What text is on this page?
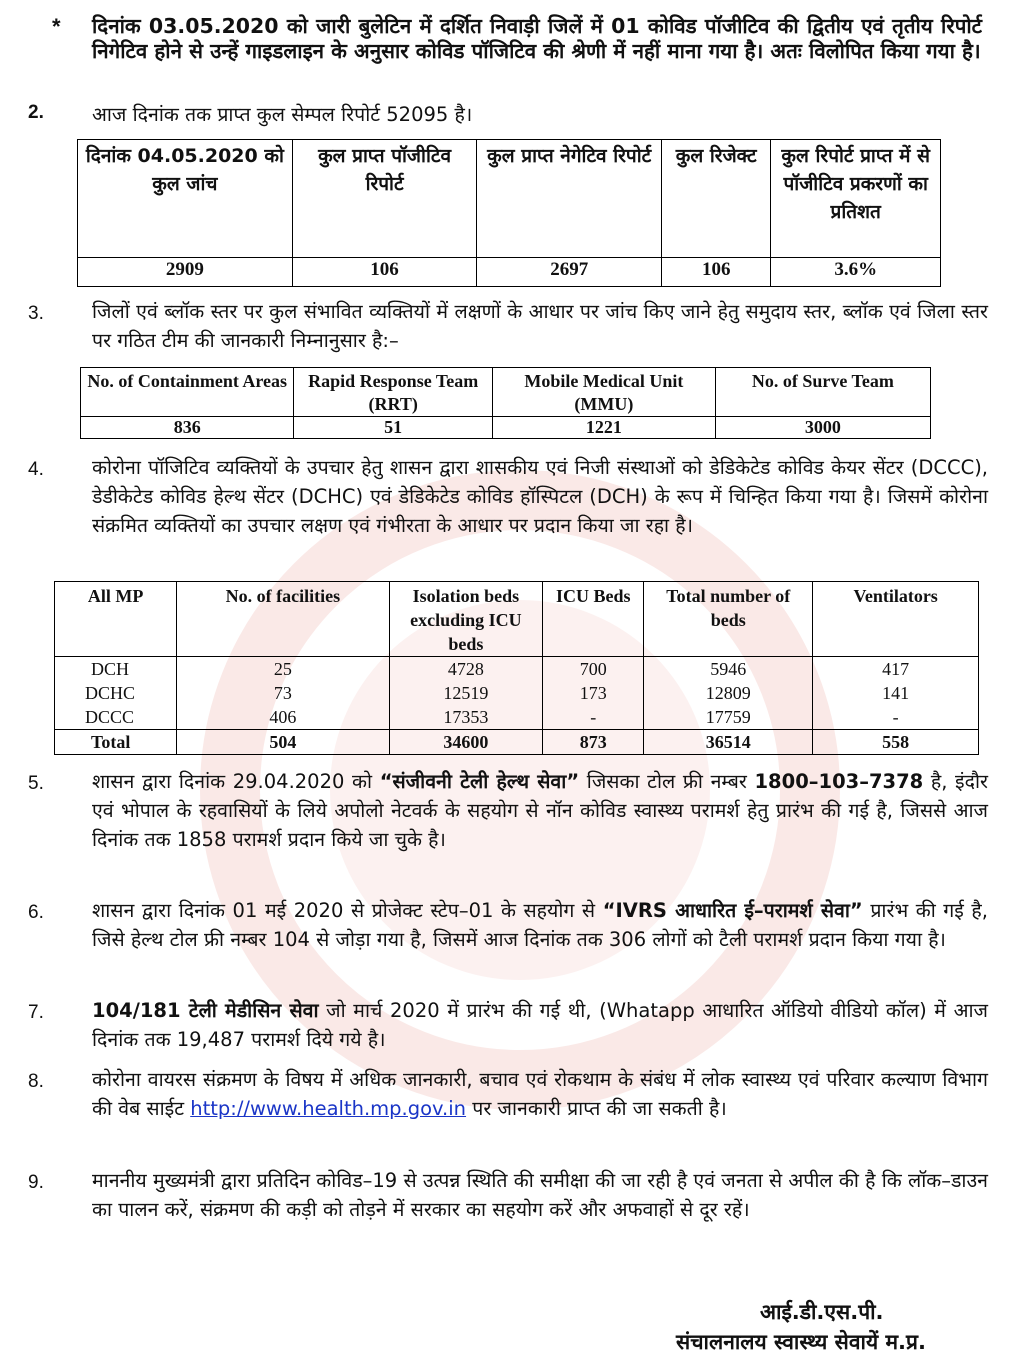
* दिनांक 03.05.2020 को जारी बुलेटिन में दर्शित निवाड़ी जिलें में 01 कोविड पॉजीटिव की द्वितीय एवं तृतीय रिपोर्ट निगेटिव होने से उन्हें गाइडलाइन के अनुसार कोविड पॉजिटिव की श्रेणी में नहीं माना गया है। अतः विलोपित किया गया है।
2. आज दिनांक तक प्राप्त कुल सेम्पल रिपोर्ट 52095 है।
दिनांक 04.05.2020 को कुल जांच	कुल प्राप्त पॉजीटिव रिपोर्ट	कुल प्राप्त नेगेटिव रिपोर्ट	कुल रिजेक्ट	कुल रिपोर्ट प्राप्त में से पॉजीटिव प्रकरणों का प्रतिशत
2909	106	2697	106	3.6%
3. जिलों एवं ब्लॉक स्तर पर कुल संभावित व्यक्तियों में लक्षणों के आधार पर जांच किए जाने हेतु समुदाय स्तर, ब्लॉक एवं जिला स्तर पर गठित टीम की जानकारी निम्नानुसार है:–
No. of Containment Areas	Rapid Response Team (RRT)	Mobile Medical Unit (MMU)	No. of Surve Team
836	51	1221	3000
4. कोरोना पॉजिटिव व्यक्तियों के उपचार हेतु शासन द्वारा शासकीय एवं निजी संस्थाओं को डेडिकेटेड कोविड केयर सेंटर (DCCC), डेडीकेटेड कोविड हेल्थ सेंटर (DCHC) एवं डेडिकेटेड कोविड हॉस्पिटल (DCH) के रूप में चिन्हित किया गया है। जिसमें कोरोना संक्रमित व्यक्तियों का उपचार लक्षण एवं गंभीरता के आधार पर प्रदान किया जा रहा है।
All MP	No. of facilities	Isolation beds excluding ICU beds	ICU Beds	Total number of beds	Ventilators
DCH	25	4728	700	5946	417
DCHC	73	12519	173	12809	141
DCCC	406	17353	-	17759	-
Total	504	34600	873	36514	558
5. शासन द्वारा दिनांक 29.04.2020 को “संजीवनी टेली हेल्थ सेवा” जिसका टोल फ्री नम्बर 1800–103–7378 है, इंदौर एवं भोपाल के रहवासियों के लिये अपोलो नेटवर्क के सहयोग से नॉन कोविड स्वास्थ्य परामर्श हेतु प्रारंभ की गई है, जिससे आज दिनांक तक 1858 परामर्श प्रदान किये जा चुके है।
6. शासन द्वारा दिनांक 01 मई 2020 से प्रोजेक्ट स्टेप–01 के सहयोग से “IVRS आधारित ई–परामर्श सेवा” प्रारंभ की गई है, जिसे हेल्थ टोल फ्री नम्बर 104 से जोड़ा गया है, जिसमें आज दिनांक तक 306 लोगों को टैली परामर्श प्रदान किया गया है।
7. 104/181 टेली मेडीसिन सेवा जो मार्च 2020 में प्रारंभ की गई थी, (Whatapp आधारित ऑडियो वीडियो कॉल) में आज दिनांक तक 19,487 परामर्श दिये गये है।
8. कोरोना वायरस संक्रमण के विषय में अधिक जानकारी, बचाव एवं रोकथाम के संबंध में लोक स्वास्थ्य एवं परिवार कल्याण विभाग की वेब साईट http://www.health.mp.gov.in पर जानकारी प्राप्त की जा सकती है।
9. माननीय मुख्यमंत्री द्वारा प्रतिदिन कोविड–19 से उत्पन्न स्थिति की समीक्षा की जा रही है एवं जनता से अपील की है कि लॉक–डाउन का पालन करें, संक्रमण की कड़ी को तोड़ने में सरकार का सहयोग करें और अफवाहों से दूर रहें।
आई.डी.एस.पी.
संचालनालय स्वास्थ्य सेवायें म.प्र.
